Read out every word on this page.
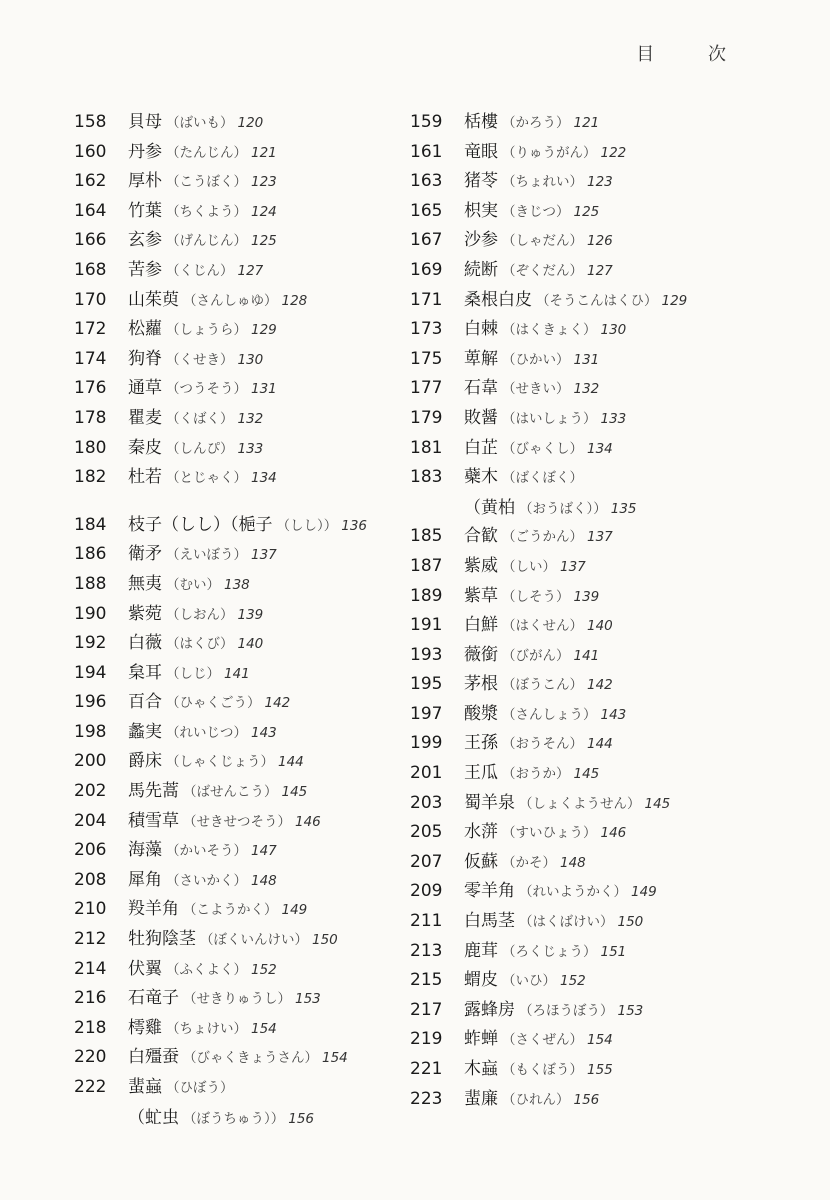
目 次
158	貝母 （ばいも） 120
160	丹参 （たんじん） 121
162	厚朴 （こうぼく） 123
164	竹葉 （ちくよう） 124
166	玄参 （げんじん） 125
168	苦参 （くじん） 127
170	山茱萸 （さんしゅゆ） 128
172	松蘿 （しょうら） 129
174	狗脊 （くせき） 130
176	通草 （つうそう） 131
178	瞿麦 （くばく） 132
180	秦皮 （しんぴ） 133
182	杜若 （とじゃく） 134
184	枝子（しし）（梔子 （しし）） 136
186	衛矛 （えいぼう） 137
188	無夷 （むい） 138
190	紫菀 （しおん） 139
192	白薇 （はくび） 140
194	枲耳 （しじ） 141
196	百合 （ひゃくごう） 142
198	蠡実 （れいじつ） 143
200	爵床 （しゃくじょう） 144
202	馬先蒿 （ばせんこう） 145
204	積雪草 （せきせつそう） 146
206	海藻 （かいそう） 147
208	犀角 （さいかく） 148
210	羖羊角 （こようかく） 149
212	牡狗陰茎 （ぼくいんけい） 150
214	伏翼 （ふくよく） 152
216	石竜子 （せきりゅうし） 153
218	樗雞 （ちょけい） 154
220	白殭蚕 （びゃくきょうさん） 154
222	蜚蝱 （ひぼう）
（虻虫 （ぼうちゅう）） 156
159	栝樓 （かろう） 121
161	竜眼 （りゅうがん） 122
163	猪苓 （ちょれい） 123
165	枳実 （きじつ） 125
167	沙参 （しゃだん） 126
169	続断 （ぞくだん） 127
171	桑根白皮 （そうこんはくひ） 129
173	白棘 （はくきょく） 130
175	萆解 （ひかい） 131
177	石韋 （せきい） 132
179	敗醤 （はいしょう） 133
181	白芷 （びゃくし） 134
183	蘗木 （ばくぼく）
（黄柏 （おうばく）） 135
185	合歓 （ごうかん） 137
187	紫威 （しい） 137
189	紫草 （しそう） 139
191	白鮮 （はくせん） 140
193	薇銜 （びがん） 141
195	茅根 （ぼうこん） 142
197	酸漿 （さんしょう） 143
199	王孫 （おうそん） 144
201	王瓜 （おうか） 145
203	蜀羊泉 （しょくようせん） 145
205	水蓱 （すいひょう） 146
207	仮蘇 （かそ） 148
209	零羊角 （れいようかく） 149
211	白馬茎 （はくばけい） 150
213	鹿茸 （ろくじょう） 151
215	蝟皮 （いひ） 152
217	露蜂房 （ろほうぼう） 153
219	蚱蝉 （さくぜん） 154
221	木蝱 （もくぼう） 155
223	蜚廉 （ひれん） 156
